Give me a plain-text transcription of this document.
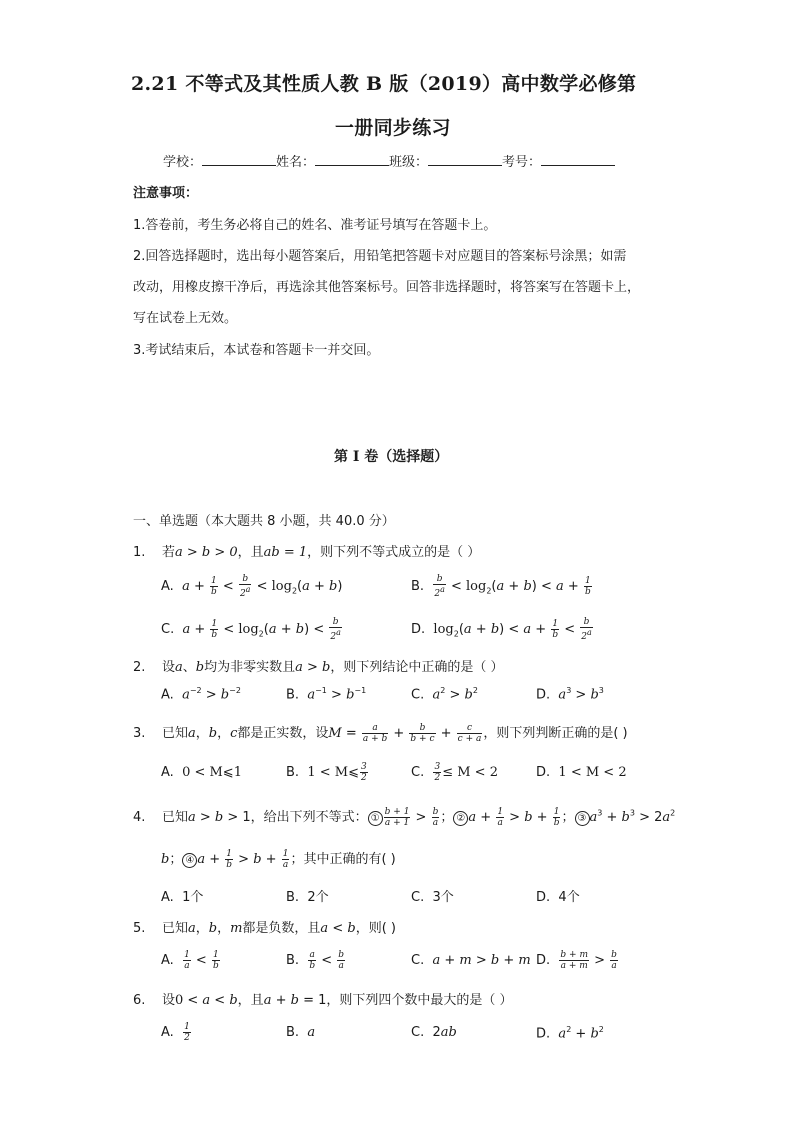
2.21 不等式及其性质人教 B 版（2019）高中数学必修第
一册同步练习
学校：	姓名：	班级：	考号：
注意事项：
1.答卷前，考生务必将自己的姓名、准考证号填写在答题卡上。
2.回答选择题时，选出每小题答案后，用铅笔把答题卡对应题目的答案标号涂黑；如需
改动，用橡皮擦干净后，再选涂其他答案标号。回答非选择题时，将答案写在答题卡上，
写在试卷上无效。
3.考试结束后，本试卷和答题卡一并交回。
第 I 卷（选择题）
一、单选题（本大题共 8 小题，共 40.0 分）
1. 若a > b > 0，且ab = 1，则下列不等式成立的是（ ）
A. $a + \frac{1}{b} < \frac{b}{2a} < \log_2(a + b)$	B. $\frac{b}{2a} < \log_2(a + b) < a + \frac{1}{b}$
C. $a + \frac{1}{b} < \log_2(a + b) < \frac{b}{2a}$	D. $\log_2(a + b) < a + \frac{1}{b} < \frac{b}{2a}$
2. 设a、b均为非零实数且a > b，则下列结论中正确的是（ ）
A. $a^{-2} > b^{-2}$	B. $a^{-1} > b^{-1}$	C. $a^2 > b^2$	D. $a^3 > b^3$
3. 已知a，b，c都是正实数，设$M = \frac{a}{a + b} + \frac{b}{b + c} + \frac{c}{c + a}$ ，则下列判断正确的是( )
A. 0 < M⩽1	B. 1 < M⩽ $\frac{3}{2}$	C. $\frac{3}{2} \le M < 2$	D. 1 < M < 2
4. 已知a > b > 1，给出下列不等式： ① $\frac{b + 1}{a + 1} > \frac{b}{a}$ ； ② $a + \frac{1}{a} > b + \frac{1}{b}$ ； ③ $a^3 + b^3 > 2a^2$
b； ④ $a + \frac{1}{b} > b + \frac{1}{a}$ ；其中正确的有( )
A. 1个	B. 2个	C. 3个	D. 4个
5. 已知a，b，m都是负数，且a < b，则( )
A. $\frac{1}{a} < \frac{1}{b}$	B. $\frac{a}{b} < \frac{b}{a}$	C. a + m > b + m D. $\frac{b + m}{a + m} > \frac{b}{a}$
6. 设0 < a < b，且a + b = 1，则下列四个数中最大的是（ ）
A. $\frac{1}{2}$	B. a	C.  2ab	D. $a^2 + b^2$
